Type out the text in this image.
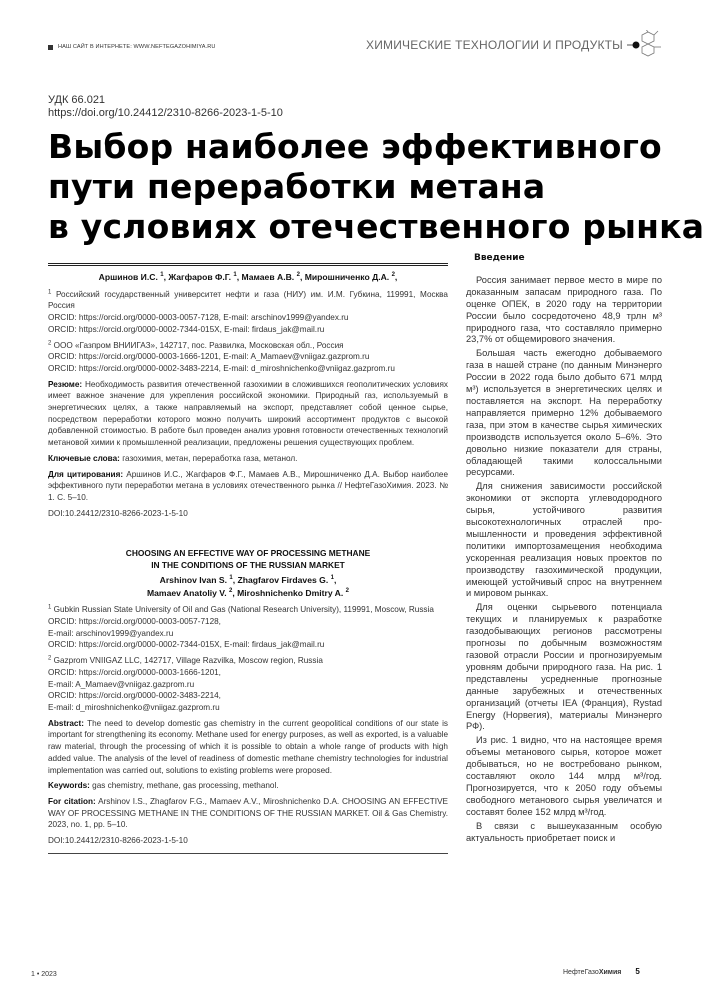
НАШ САЙТ В ИНТЕРНЕТЕ: WWW.NEFTEGAZOHIMIYA.RU	ХИМИЧЕСКИЕ ТЕХНОЛОГИИ И ПРОДУКТЫ
УДК 66.021
https://doi.org/10.24412/2310-8266-2023-1-5-10
Выбор наиболее эффективного
пути переработки метана
в условиях отечественного рынка
Аршинов И.С. $^1$, Жагфаров Ф.Г. $^1$, Мамаев А.В. $^2$, Мирошниченко Д.А. $^2$,
$^1$ Российский государственный университет нефти и газа (НИУ) им. И.М. Губкина, 119991, Москва Россия
ORCID: https://orcid.org/0000-0003-0057-7128, E-mail: arschinov1999@yandex.ru
ORCID: https://orcid.org/0000-0002-7344-015X, E-mail: firdaus_jak@mail.ru
$^2$ ООО «Газпром ВНИИГАЗ», 142717, пос. Развилка, Московская обл., Россия
ORCID: https://orcid.org/0000-0003-1666-1201, E-mail: A_Mamaev@vniigaz.gazprom.ru
ORCID: https://orcid.org/0000-0002-3483-2214, E-mail: d_miroshnichenko@vniigaz.gazprom.ru
Резюме: Необходимость развития отечественной газохимии в сложившихся геополитических условиях имеет важное значение для укрепления российской экономики. Природный газ, используемый в энергетических целях, а также направляемый на экспорт, представляет собой ценное сырье, посредством переработки которого можно получить широкий ассортимент продуктов с высокой добавленной стоимостью. В работе был проведен анализ уровня готовности отечественных технологий метановой химии к промышленной реализации, предложены решения существующих проблем.
Ключевые слова: газохимия, метан, переработка газа, метанол.
Для цитирования: Аршинов И.С., Жагфаров Ф.Г., Мамаев А.В., Мирошниченко Д.А. Выбор наиболее эффективного пути переработки метана в условиях отечественного рынка // НефтеГазоХимия. 2023. № 1. С. 5–10.
DOI:10.24412/2310-8266-2023-1-5-10
CHOOSING AN EFFECTIVE WAY OF PROCESSING METHANE
IN THE CONDITIONS OF THE RUSSIAN MARKET
Arshinov Ivan S. $^1$, Zhagfarov Firdaves G. $^1$,
Mamaev Anatoliy V. $^2$, Miroshnichenko Dmitry A. $^2$
$^1$ Gubkin Russian State University of Oil and Gas (National Research University), 119991, Moscow, Russia
ORCID: https://orcid.org/0000-0003-0057-7128,
E-mail: arschinov1999@yandex.ru
ORCID: https://orcid.org/0000-0002-7344-015X, E-mail: firdaus_jak@mail.ru
$^2$ Gazprom VNIIGAZ LLC, 142717, Village Razvilka, Moscow region, Russia
ORCID: https://orcid.org/0000-0003-1666-1201,
E-mail: A_Mamaev@vniigaz.gazprom.ru
ORCID: https://orcid.org/0000-0002-3483-2214,
E-mail: d_miroshnichenko@vniigaz.gazprom.ru
Abstract: The need to develop domestic gas chemistry in the current geopolitical conditions of our state is important for strengthening its economy. Methane used for energy purposes, as well as exported, is a valuable raw material, through the processing of which it is possible to obtain a whole range of products with high added value. The analysis of the level of readiness of domestic methane chemistry technologies for industrial implementation was carried out, solutions to existing problems were proposed.
Keywords: gas chemistry, methane, gas processing, methanol.
For citation: Arshinov I.S., Zhagfarov F.G., Mamaev A.V., Miroshnichenko D.A. CHOOSING AN EFFECTIVE WAY OF PROCESSING METHANE IN THE CONDITIONS OF THE RUSSIAN MARKET. Oil & Gas Chemistry. 2023, no. 1, pp. 5–10.
DOI:10.24412/2310-8266-2023-1-5-10
Введение

Россия занимает первое место в мире по доказанным запасам природного газа. По оценке ОПЕК, в 2020 году на территории России было сосредоточено 48,9 трлн м³ природного газа, что составляло примерно 23,7% от общемирового значения.

Большая часть ежегодно добываемого газа в нашей стране (по данным Минэнерго России в 2022 года было добыто 671 млрд м³) используется в энергетических целях и поставляется на экспорт. На переработку направляется примерно 12% добываемого газа, при этом в качестве сырья химических производств используется около 5–6%. Это довольно низкие показатели для страны, обладающей такими колоссальными ресурсами.

Для снижения зависимости российской экономики от экспорта углеводородного сырья, устойчивого развития высокотехнологичных отраслей промышленности и проведения эффективной политики импортозамещения необходима ускоренная реализация новых проектов по производству газохимической продукции, имеющей устойчивый спрос на внутреннем и мировом рынках.

Для оценки сырьевого потенциала текущих и планируемых к разработке газодобывающих регионов рассмотрены прогнозы по добычным возможностям газовой отрасли России и прогнозируемым уровням добычи природного газа. На рис. 1 представлены усредненные прогнозные данные зарубежных и отечественных организаций (отчеты IEA (Франция), Rystad Energy (Норвегия), материалы Минэнерго РФ).

Из рис. 1 видно, что на настоящее время объемы метанового сырья, которое может добываться, но не востребовано рынком, составляют около 144 млрд м³/год. Прогнозируется, что к 2050 году объемы свободного метанового сырья увеличатся и составят более 152 млрд м³/год.

В связи с вышеуказанным особую актуальность приобретает поиск и

1 • 2023	НефтеГазоХимия 5
